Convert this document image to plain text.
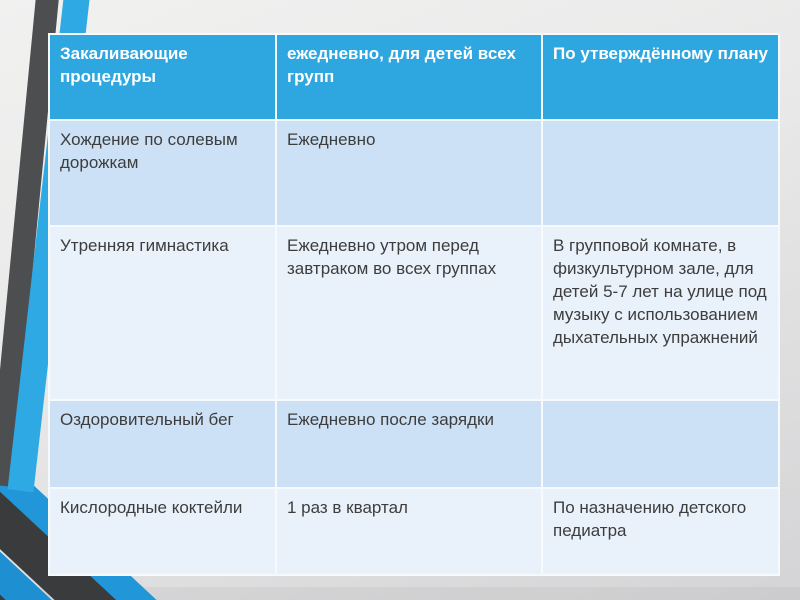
Закаливающие процедуры	ежедневно, для детей всех групп	По утверждённому плану
Хождение по солевым дорожкам	Ежедневно	
Утренняя гимнастика	Ежедневно утром перед завтраком во всех группах	В групповой комнате, в физкультурном зале, для детей 5-7 лет на улице под музыку с использованием дыхательных упражнений
Оздоровительный бег	Ежедневно после зарядки	
Кислородные коктейли	1 раз в квартал	По назначению детского педиатра
